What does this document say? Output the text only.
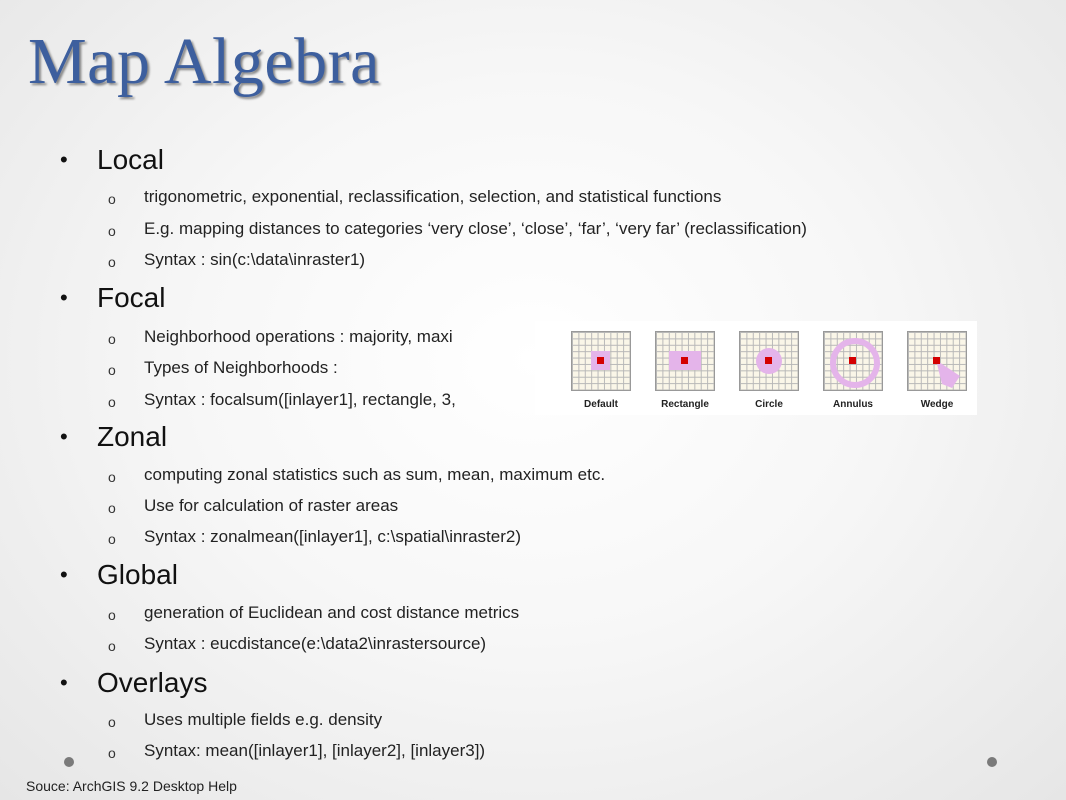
Map Algebra
•	Local
o	trigonometric, exponential, reclassification, selection, and statistical functions
o	E.g. mapping distances to categories ‘very close’, ‘close’, ‘far’, ‘very far’ (reclassification)
o	Syntax : sin(c:\data\inraster1)
•	Focal
o	Neighborhood operations : majority, maxi
o	Types of Neighborhoods :
o	Syntax : focalsum([inlayer1], rectangle, 3,	Default	Rectangle	Circle	Annulus	Wedge
•	Zonal
o	computing zonal statistics such as sum, mean, maximum etc.
o	Use for calculation of raster areas
o	Syntax : zonalmean([inlayer1], c:\spatial\inraster2)
•	Global
o	generation of Euclidean and cost distance metrics
o	Syntax : eucdistance(e:\data2\inrastersource)
•	Overlays
o	Uses multiple fields e.g. density
o	Syntax: mean([inlayer1], [inlayer2], [inlayer3])
Souce: ArchGIS 9.2 Desktop Help
